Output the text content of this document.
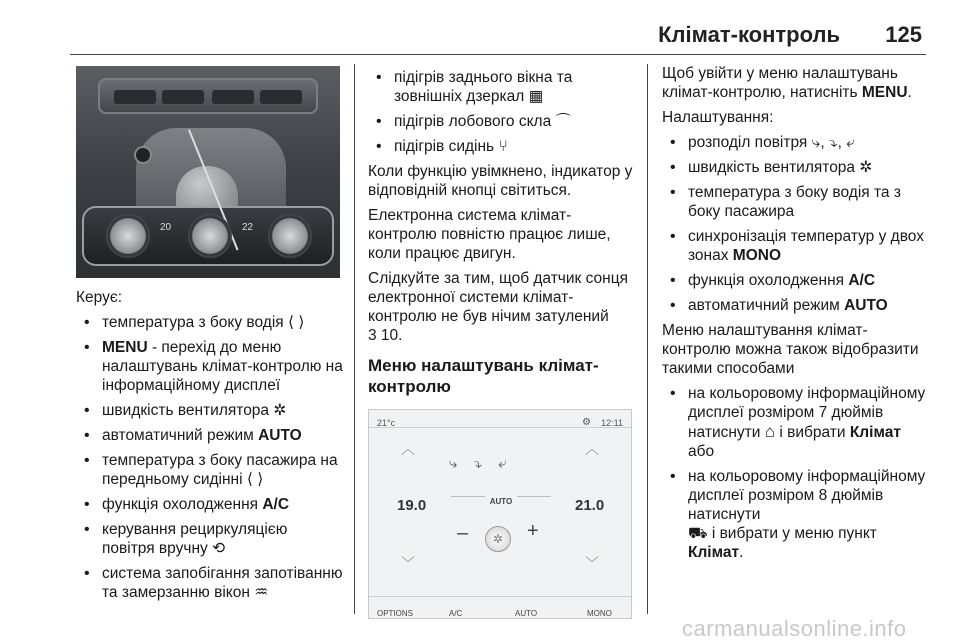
Клімат-контроль 125
20	22

Керує:

• температура з боку водія ⟨ ⟩
• MENU - перехід до меню налаштувань клімат-контролю на інформаційному дисплеї
• швидкість вентилятора ✲
• автоматичний режим AUTO
• температура з боку пасажира на передньому сидінні ⟨ ⟩
• функція охолодження A/C
• керування рециркуляцією повітря вручну ⟲
• система запобігання запотіванню та замерзанню вікон ♒
• підігрів заднього вікна та зовнішніх дзеркал ▦
• підігрів лобового скла ⌒
• підігрів сидінь ⑂

Коли функцію увімкнено, індикатор у відповідній кнопці світиться.

Електронна система клімат-контролю повністю працює лише, коли працює двигун.

Слідкуйте за тим, щоб датчик сонця електронної системи клімат-контролю не був нічим затулений
3 10.

Меню налаштувань клімат-контролю
21°c	⚙ 12:11
︿
﹀
︿
﹀
19.0	21.0
⤷ ⤵ ⤶
AUTO
–	✲	+
OPTIONS	A/C	AUTO	MONO

Щоб увійти у меню налаштувань клімат-контролю, натисніть MENU.

Налаштування:

• розподіл повітря ⤷, ⤵, ⤶
• швидкість вентилятора ✲
• температура з боку водія та з боку пасажира
• синхронізація температур у двох зонах MONO
• функція охолодження A/C
• автоматичний режим AUTO

Меню налаштування клімат-контролю можна також відобразити такими способами

• на кольоровому інформаційному дисплеї розміром 7 дюймів натиснути ⌂ і вибрати Клімат
або
• на кольоровому інформаційному дисплеї розміром 8 дюймів натиснути
⛟ і вибрати у меню пункт
Клімат.
carmanualsonline.info
